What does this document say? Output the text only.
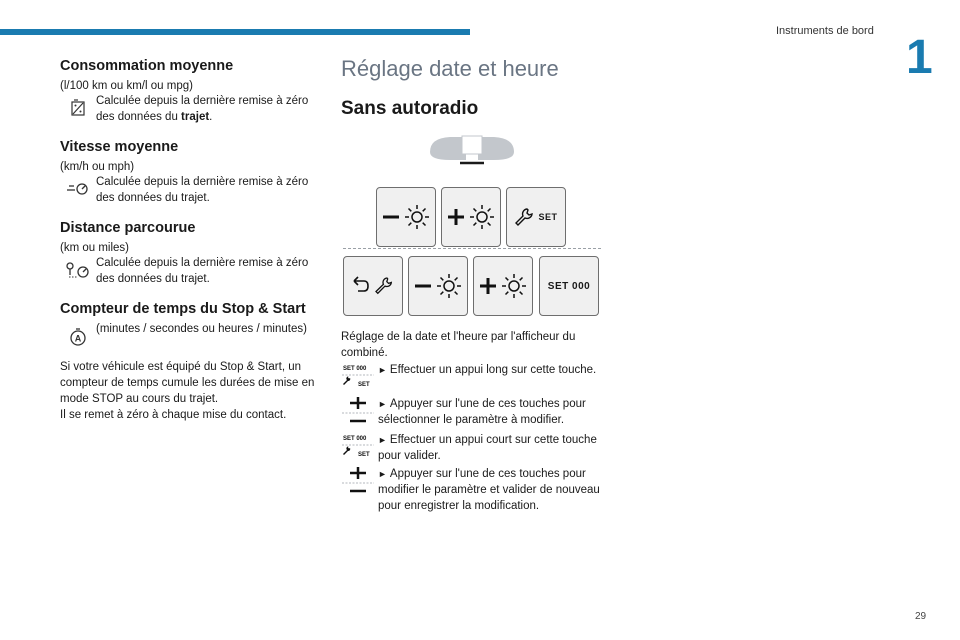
Instruments de bord 1
29
Consommation moyenne
(l/100 km ou km/l ou mpg)
Calculée depuis la dernière remise à zéro des données du trajet.
Vitesse moyenne
(km/h ou mph)
Calculée depuis la dernière remise à zéro des données du trajet.
Distance parcourue
(km ou miles)
Calculée depuis la dernière remise à zéro des données du trajet.
Compteur de temps du Stop & Start
A
(minutes / secondes ou heures / minutes)
Si votre véhicule est équipé du Stop & Start, un compteur de temps cumule les durées de mise en mode STOP au cours du trajet.
Il se remet à zéro à chaque mise du contact.
Réglage date et heure
Sans autoradio
SET
SET 000
Réglage de la date et l'heure par l'afficheur du combiné.
SET 000
SET
► Effectuer un appui long sur cette touche.
► Appuyer sur l'une de ces touches pour sélectionner le paramètre à modifier.
SET 000
SET
► Effectuer un appui court sur cette touche pour valider.
► Appuyer sur l'une de ces touches pour modifier le paramètre et valider de nouveau pour enregistrer la modification.
